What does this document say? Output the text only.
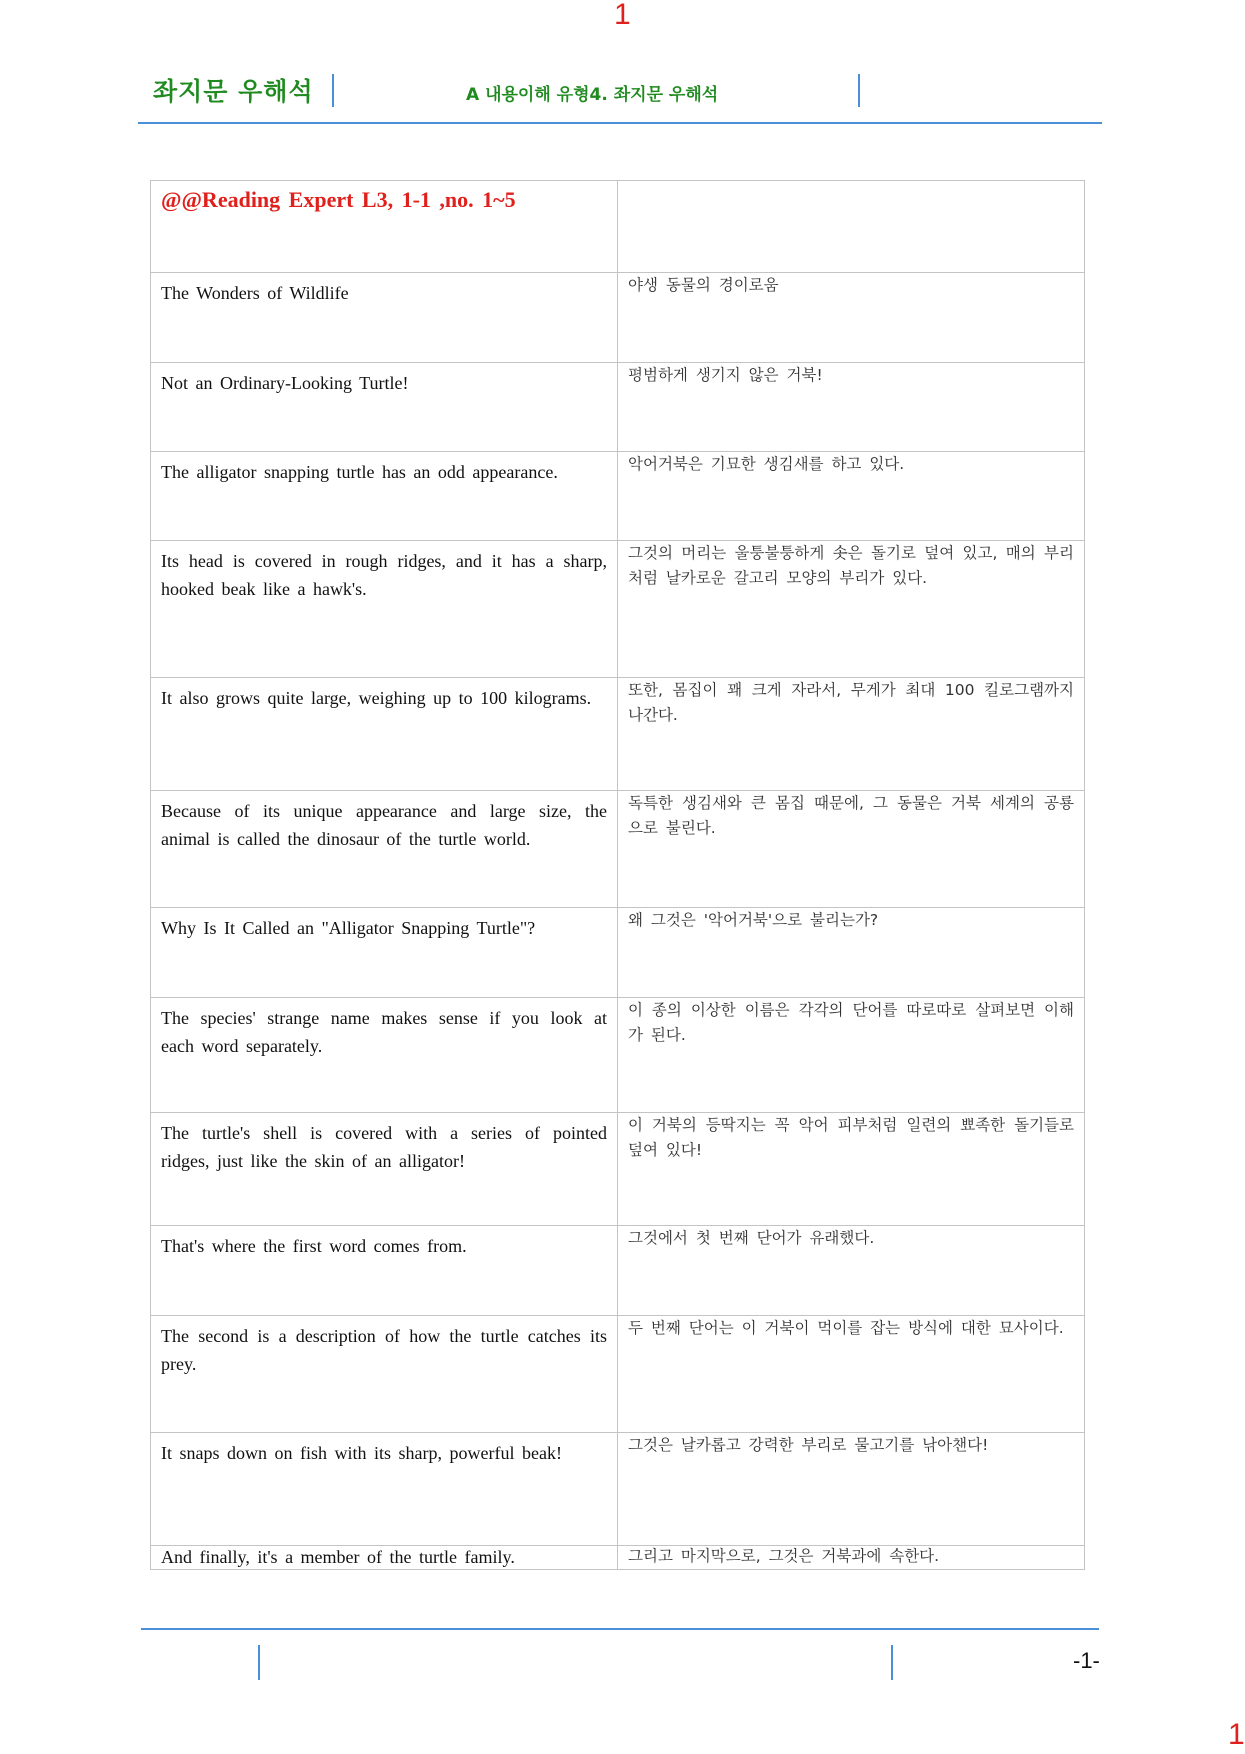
1
좌지문 우해석	A 내용이해 유형4. 좌지문 우해석
@@Reading Expert L3, 1-1 ,no. 1~5	
The Wonders of Wildlife	야생 동물의 경이로움
Not an Ordinary-Looking Turtle!	평범하게 생기지 않은 거북!
The alligator snapping turtle has an odd appearance.	악어거북은 기묘한 생김새를 하고 있다.
Its head is covered in rough ridges, and it has a sharp, hooked beak like a hawk's.	그것의 머리는 울퉁불퉁하게 솟은 돌기로 덮여 있고, 매의 부리처럼 날카로운 갈고리 모양의 부리가 있다.
It also grows quite large, weighing up to 100 kilograms.	또한, 몸집이 꽤 크게 자라서, 무게가 최대 100 킬로그램까지 나간다.
Because of its unique appearance and large size, the animal is called the dinosaur of the turtle world.	독특한 생김새와 큰 몸집 때문에, 그 동물은 거북 세계의 공룡으로 불린다.
Why Is It Called an "Alligator Snapping Turtle"?	왜 그것은 '악어거북'으로 불리는가?
The species' strange name makes sense if you look at each word separately.	이 종의 이상한 이름은 각각의 단어를 따로따로 살펴보면 이해가 된다.
The turtle's shell is covered with a series of pointed ridges, just like the skin of an alligator!	이 거북의 등딱지는 꼭 악어 피부처럼 일련의 뾰족한 돌기들로 덮여 있다!
That's where the first word comes from.	그것에서 첫 번째 단어가 유래했다.
The second is a description of how the turtle catches its prey.	두 번째 단어는 이 거북이 먹이를 잡는 방식에 대한 묘사이다.
It snaps down on fish with its sharp, powerful beak!	그것은 날카롭고 강력한 부리로 물고기를 낚아챈다!
And finally, it's a member of the turtle family.	그리고 마지막으로, 그것은 거북과에 속한다.
-1-
1
